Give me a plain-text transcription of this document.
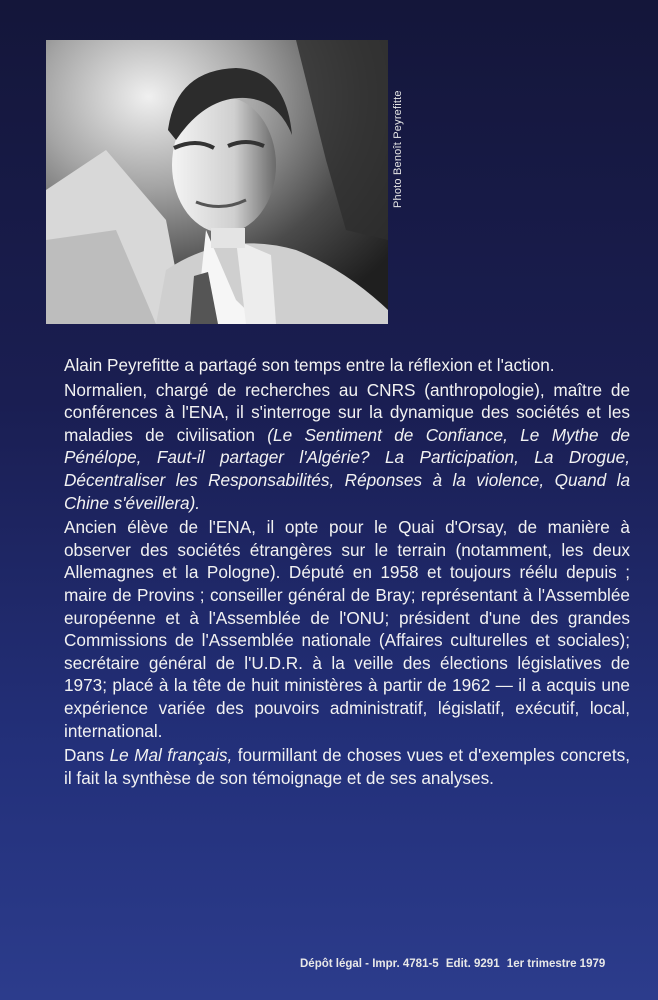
Photo Benoît Peyrefitte

Alain Peyrefitte a partagé son temps entre la réflexion et l'action.

Normalien, chargé de recherches au CNRS (anthropologie), maître de conférences à l'ENA, il s'interroge sur la dynamique des sociétés et les maladies de civilisation (Le Sentiment de Confiance, Le Mythe de Pénélope, Faut-il partager l'Algérie? La Participation, La Drogue, Décentraliser les Responsabilités, Réponses à la violence, Quand la Chine s'éveillera).

Ancien élève de l'ENA, il opte pour le Quai d'Orsay, de manière à observer des sociétés étrangères sur le terrain (notamment, les deux Allemagnes et la Pologne). Député en 1958 et toujours réélu depuis ; maire de Provins ; conseiller général de Bray; représentant à l'Assemblée européenne et à l'Assemblée de l'ONU; président d'une des grandes Commissions de l'Assemblée nationale (Affaires culturelles et sociales); secrétaire général de l'U.D.R. à la veille des élections législatives de 1973; placé à la tête de huit ministères à partir de 1962 — il a acquis une expérience variée des pouvoirs administratif, législatif, exécutif, local, international.

Dans Le Mal français, fourmillant de choses vues et d'exemples concrets, il fait la synthèse de son témoignage et de ses analyses.

Dépôt légal - Impr. 4781-5 Edit. 9291 1er trimestre 1979
